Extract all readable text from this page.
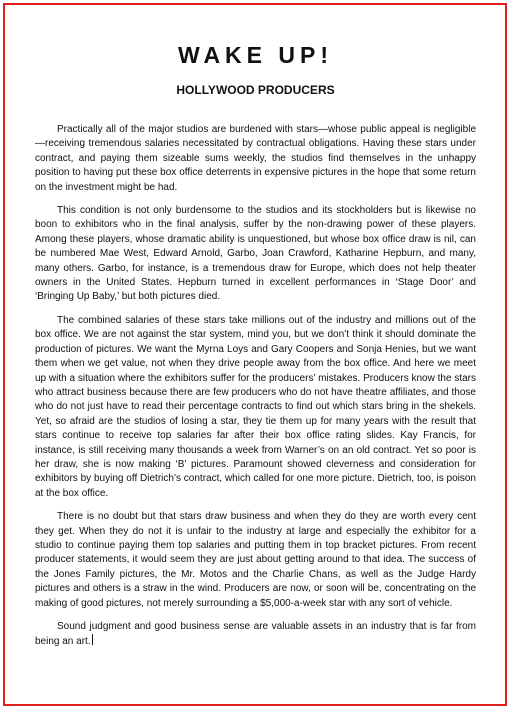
WAKE UP!
HOLLYWOOD PRODUCERS

Practically all of the major studios are burdened with stars—whose public appeal is negligible—receiving tremendous salaries necessitated by contractual obligations. Having these stars under contract, and paying them sizeable sums weekly, the studios find themselves in the unhappy position to having put these box office deterrents in expensive pictures in the hope that some return on the investment might be had.

This condition is not only burdensome to the studios and its stockholders but is likewise no boon to exhibitors who in the final analysis, suffer by the non-drawing power of these players. Among these players, whose dramatic ability is unquestioned, but whose box office draw is nil, can be numbered Mae West, Edward Arnold, Garbo, Joan Crawford, Katharine Hepburn, and many, many others. Garbo, for instance, is a tremendous draw for Europe, which does not help theater owners in the United States. Hepburn turned in excellent performances in ‘Stage Door’ and ‘Bringing Up Baby,’ but both pictures died.

The combined salaries of these stars take millions out of the industry and millions out of the box office. We are not against the star system, mind you, but we don’t think it should dominate the production of pictures. We want the Myrna Loys and Gary Coopers and Sonja Henies, but we want them when we get value, not when they drive people away from the box office. And here we meet up with a situation where the exhibitors suffer for the producers’ mistakes. Producers know the stars who attract business because there are few producers who do not have theatre affiliates, and those who do not just have to read their percentage contracts to find out which stars bring in the shekels. Yet, so afraid are the studios of losing a star, they tie them up for many years with the result that stars continue to receive top salaries far after their box office rating slides. Kay Francis, for instance, is still receiving many thousands a week from Warner’s on an old contract. Yet so poor is her draw, she is now making ‘B’ pictures. Paramount showed cleverness and consideration for exhibitors by buying off Dietrich’s contract, which called for one more picture. Dietrich, too, is poison at the box office.

There is no doubt but that stars draw business and when they do they are worth every cent they get. When they do not it is unfair to the industry at large and especially the exhibitor for a studio to continue paying them top salaries and putting them in top bracket pictures. From recent producer statements, it would seem they are just about getting around to that idea. The success of the Jones Family pictures, the Mr. Motos and the Charlie Chans, as well as the Judge Hardy pictures and others is a straw in the wind. Producers are now, or soon will be, concentrating on the making of good pictures, not merely surrounding a $5,000-a-week star with any sort of vehicle.

Sound judgment and good business sense are valuable assets in an industry that is far from being an art.
